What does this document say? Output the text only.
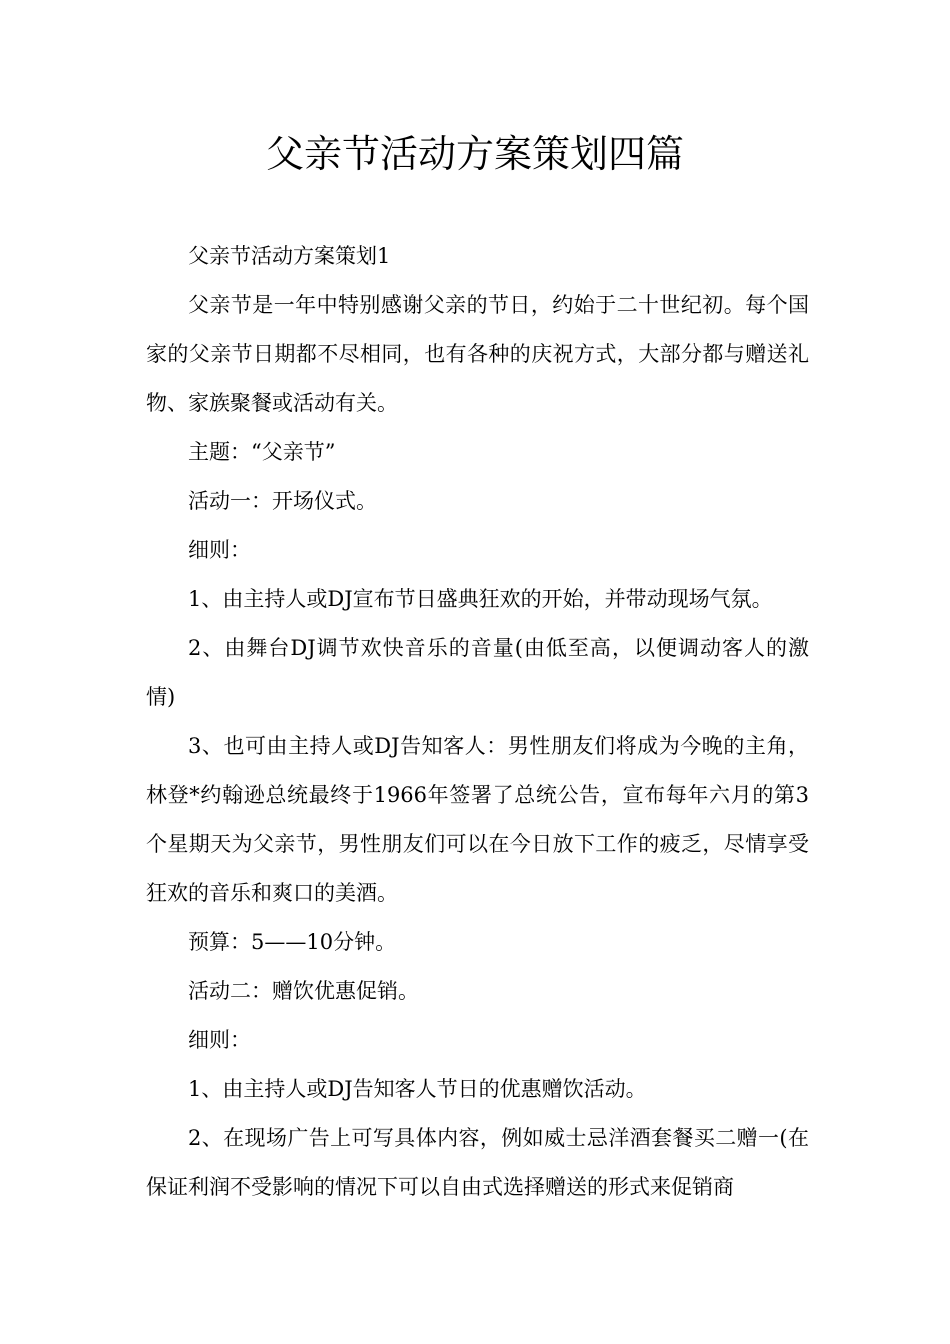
父亲节活动方案策划四篇

父亲节活动方案策划1

父亲节是一年中特别感谢父亲的节日，约始于二十世纪初。每个国家的父亲节日期都不尽相同，也有各种的庆祝方式，大部分都与赠送礼物、家族聚餐或活动有关。

主题：“父亲节”

活动一：开场仪式。

细则：

1、由主持人或DJ宣布节日盛典狂欢的开始，并带动现场气氛。

2、由舞台DJ调节欢快音乐的音量(由低至高，以便调动客人的激情)

3、也可由主持人或DJ告知客人：男性朋友们将成为今晚的主角，林登*约翰逊总统最终于1966年签署了总统公告，宣布每年六月的第3个星期天为父亲节，男性朋友们可以在今日放下工作的疲乏，尽情享受狂欢的音乐和爽口的美酒。

预算：5——10分钟。

活动二：赠饮优惠促销。

细则：

1、由主持人或DJ告知客人节日的优惠赠饮活动。

2、在现场广告上可写具体内容，例如威士忌洋酒套餐买二赠一(在保证利润不受影响的情况下可以自由式选择赠送的形式来促销商
